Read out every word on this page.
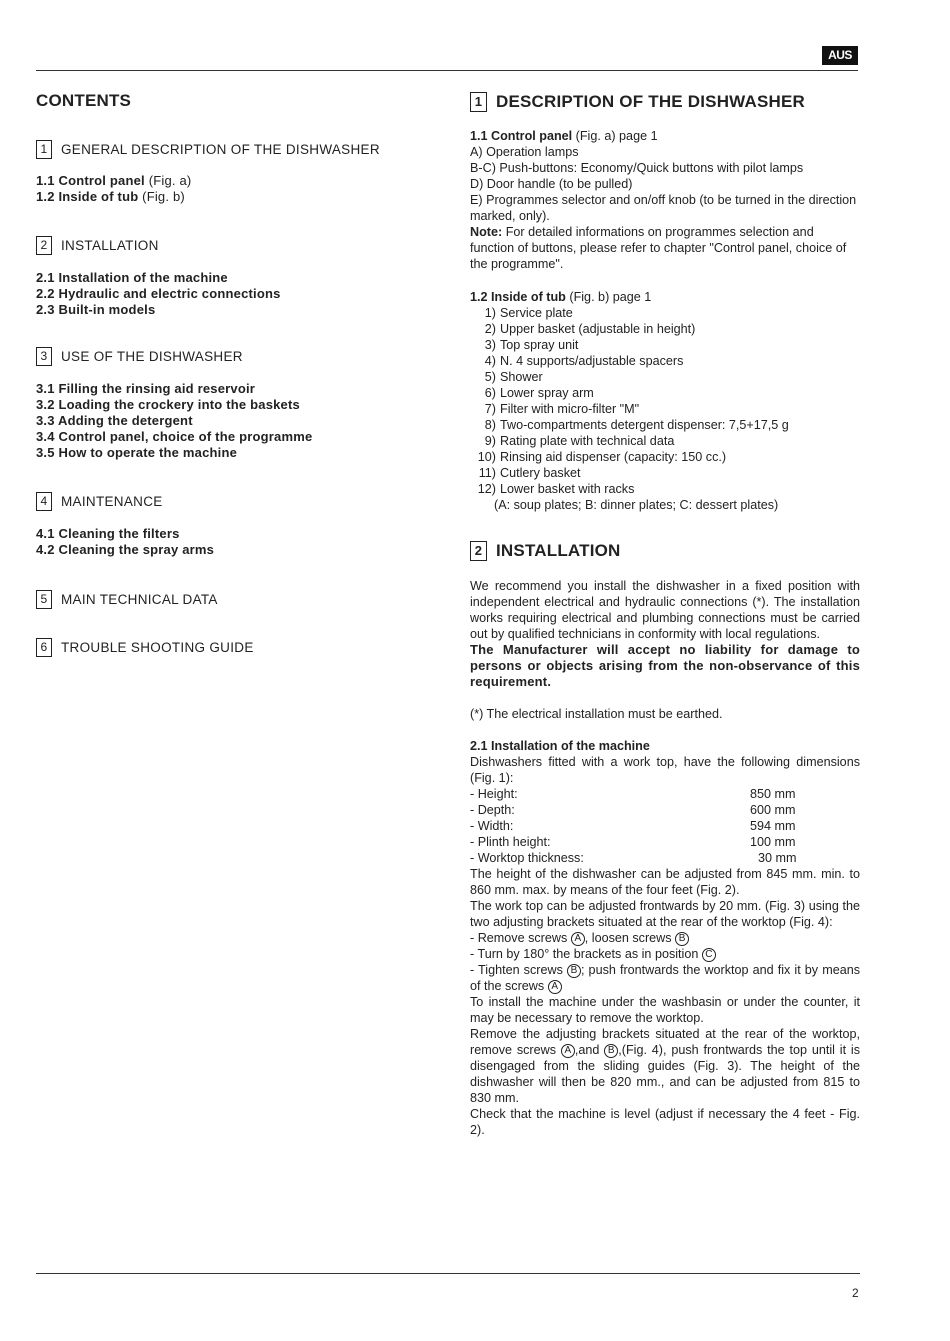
AUS
CONTENTS
1	GENERAL DESCRIPTION OF THE DISHWASHER
1.1 Control panel (Fig. a)
1.2 Inside of tub (Fig. b)
2	INSTALLATION
2.1 Installation of the machine
2.2 Hydraulic and electric connections
2.3 Built-in models
3	USE OF THE DISHWASHER
3.1 Filling the rinsing aid reservoir
3.2 Loading the crockery into the baskets
3.3 Adding the detergent
3.4 Control panel, choice of the programme
3.5 How to operate the machine
4	MAINTENANCE
4.1 Cleaning the filters
4.2 Cleaning the spray arms
5	MAIN TECHNICAL DATA
6	TROUBLE SHOOTING GUIDE
1 DESCRIPTION OF THE DISHWASHER

1.1 Control panel (Fig. a) page 1

A) Operation lamps

B-C) Push-buttons: Economy/Quick buttons with pilot lamps

D) Door handle (to be pulled)

E) Programmes selector and on/off knob (to be turned in the direction marked, only).

Note: For detailed informations on programmes selection and function of buttons, please refer to chapter "Control panel, choice of the programme".

1.2 Inside of tub (Fig. b) page 1

1) Service plate
2) Upper basket (adjustable in height)
3) Top spray unit
4) N. 4 supports/adjustable spacers
5) Shower
6) Lower spray arm
7) Filter with micro-filter "M"
8) Two-compartments detergent dispenser: 7,5+17,5 g
9) Rating plate with technical data
10) Rinsing aid dispenser (capacity: 150 cc.)
11) Cutlery basket
12) Lower basket with racks

(A: soup plates; B: dinner plates; C: dessert plates)

2 INSTALLATION

We recommend you install the dishwasher in a fixed position with independent electrical and hydraulic connections (*). The installation works requiring electrical and plumbing connections must be carried out by qualified technicians in conformity with local regulations.

The Manufacturer will accept no liability for damage to persons or objects arising from the non-observance of this requirement.

(*) The electrical installation must be earthed.

2.1 Installation of the machine

Dishwashers fitted with a work top, have the following dimensions (Fig. 1):

- Height:	850 mm
- Depth:	600 mm
- Width:	594 mm
- Plinth height:	100 mm
- Worktop thickness:	30 mm

The height of the dishwasher can be adjusted from 845 mm. min. to 860 mm. max. by means of the four feet (Fig. 2).

The work top can be adjusted frontwards by 20 mm. (Fig. 3) using the two adjusting brackets situated at the rear of the worktop (Fig. 4):

- Remove screws A , loosen screws B

- Turn by 180° the brackets as in position C

- Tighten screws B ; push frontwards the worktop and fix it by means of the screws A

To install the machine under the washbasin or under the counter, it may be necessary to remove the worktop.

Remove the adjusting brackets situated at the rear of the worktop, remove screws A ,and B ,(Fig. 4), push frontwards the top until it is disengaged from the sliding guides (Fig. 3). The height of the dishwasher will then be 820 mm., and can be adjusted from 815 to 830 mm.

Check that the machine is level (adjust if necessary the 4 feet - Fig. 2).

2
